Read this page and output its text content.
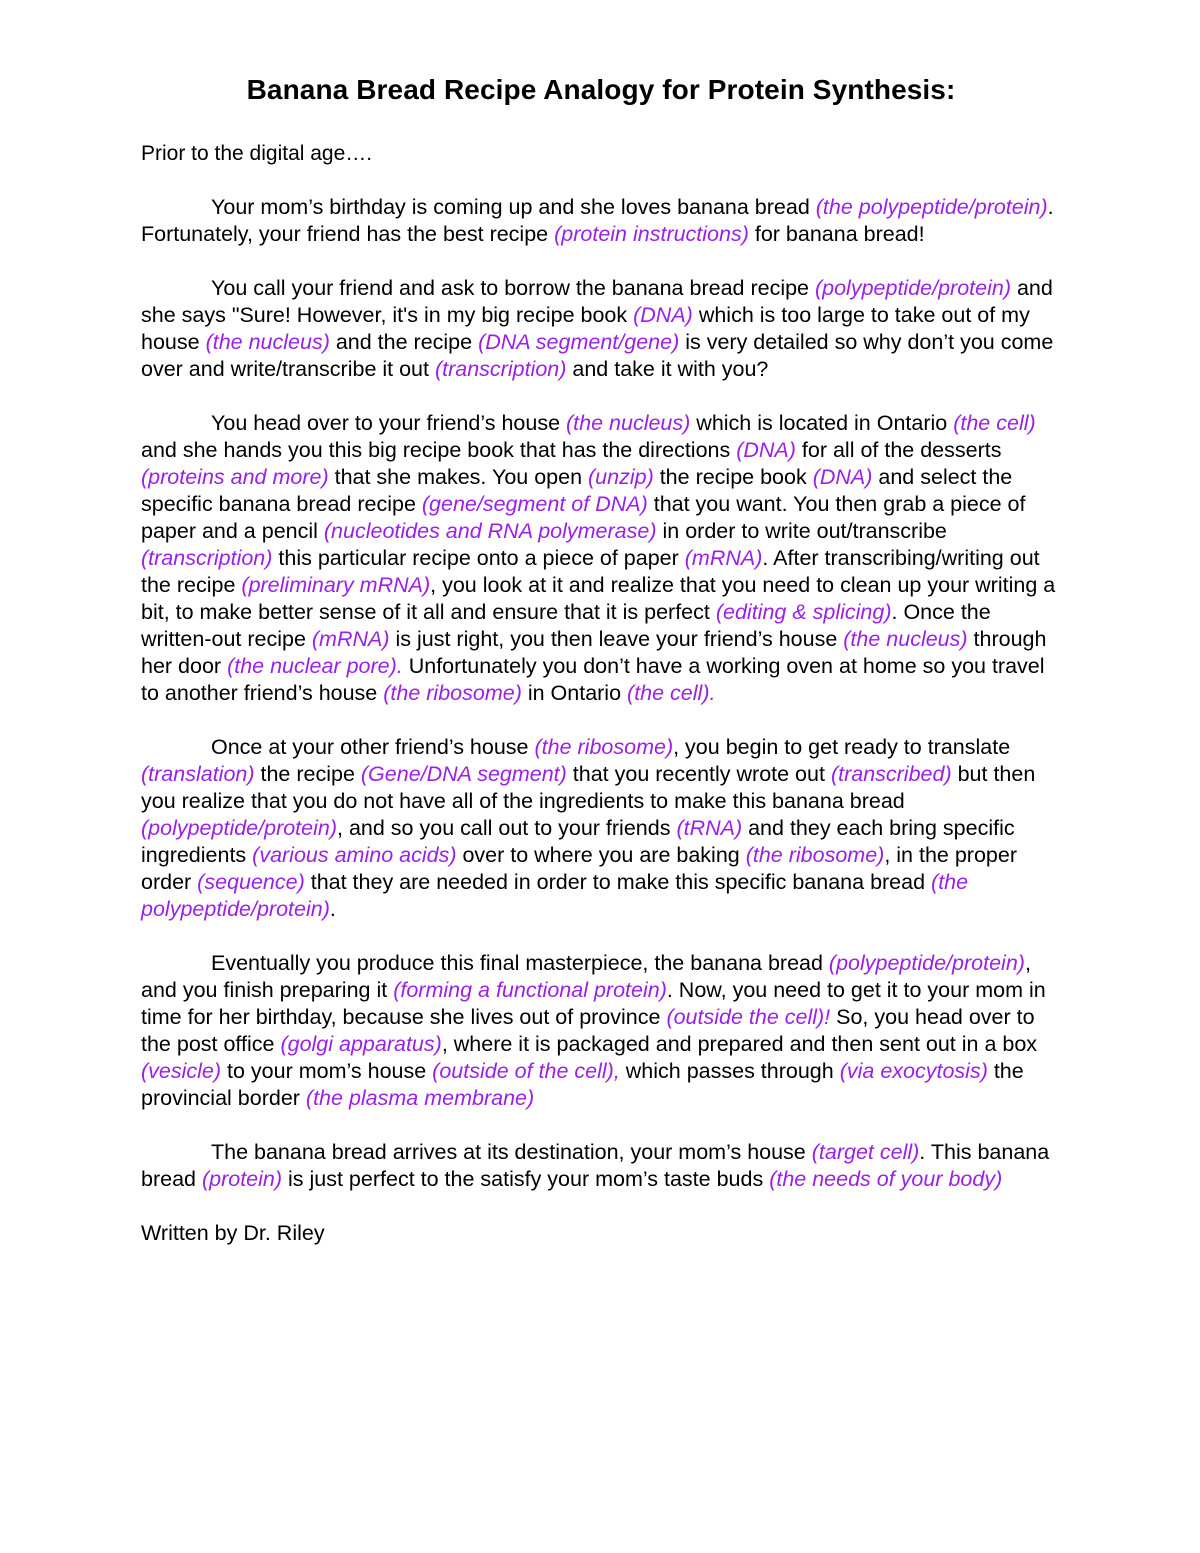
Banana Bread Recipe Analogy for Protein Synthesis:

Prior to the digital age….

Your mom’s birthday is coming up and she loves banana bread (the polypeptide/protein). Fortunately, your friend has the best recipe (protein instructions) for banana bread!

You call your friend and ask to borrow the banana bread recipe (polypeptide/protein) and she says "Sure! However, it's in my big recipe book (DNA) which is too large to take out of my house (the nucleus) and the recipe (DNA segment/gene) is very detailed so why don’t you come over and write/transcribe it out (transcription) and take it with you?

You head over to your friend’s house (the nucleus) which is located in Ontario (the cell) and she hands you this big recipe book that has the directions (DNA) for all of the desserts (proteins and more) that she makes. You open (unzip) the recipe book (DNA) and select the specific banana bread recipe (gene/segment of DNA) that you want. You then grab a piece of paper and a pencil (nucleotides and RNA polymerase) in order to write out/transcribe (transcription) this particular recipe onto a piece of paper (mRNA). After transcribing/writing out the recipe (preliminary mRNA), you look at it and realize that you need to clean up your writing a bit, to make better sense of it all and ensure that it is perfect (editing & splicing). Once the written-out recipe (mRNA) is just right, you then leave your friend’s house (the nucleus) through her door (the nuclear pore). Unfortunately you don’t have a working oven at home so you travel to another friend’s house (the ribosome) in Ontario (the cell).

Once at your other friend’s house (the ribosome), you begin to get ready to translate (translation) the recipe (Gene/DNA segment) that you recently wrote out (transcribed) but then you realize that you do not have all of the ingredients to make this banana bread (polypeptide/protein), and so you call out to your friends (tRNA) and they each bring specific ingredients (various amino acids) over to where you are baking (the ribosome), in the proper order (sequence) that they are needed in order to make this specific banana bread (the polypeptide/protein).

Eventually you produce this final masterpiece, the banana bread (polypeptide/protein), and you finish preparing it (forming a functional protein). Now, you need to get it to your mom in time for her birthday, because she lives out of province (outside the cell)! So, you head over to the post office (golgi apparatus), where it is packaged and prepared and then sent out in a box (vesicle) to your mom’s house (outside of the cell), which passes through (via exocytosis) the provincial border (the plasma membrane)

The banana bread arrives at its destination, your mom’s house (target cell). This banana bread (protein) is just perfect to the satisfy your mom’s taste buds (the needs of your body)

Written by Dr. Riley
